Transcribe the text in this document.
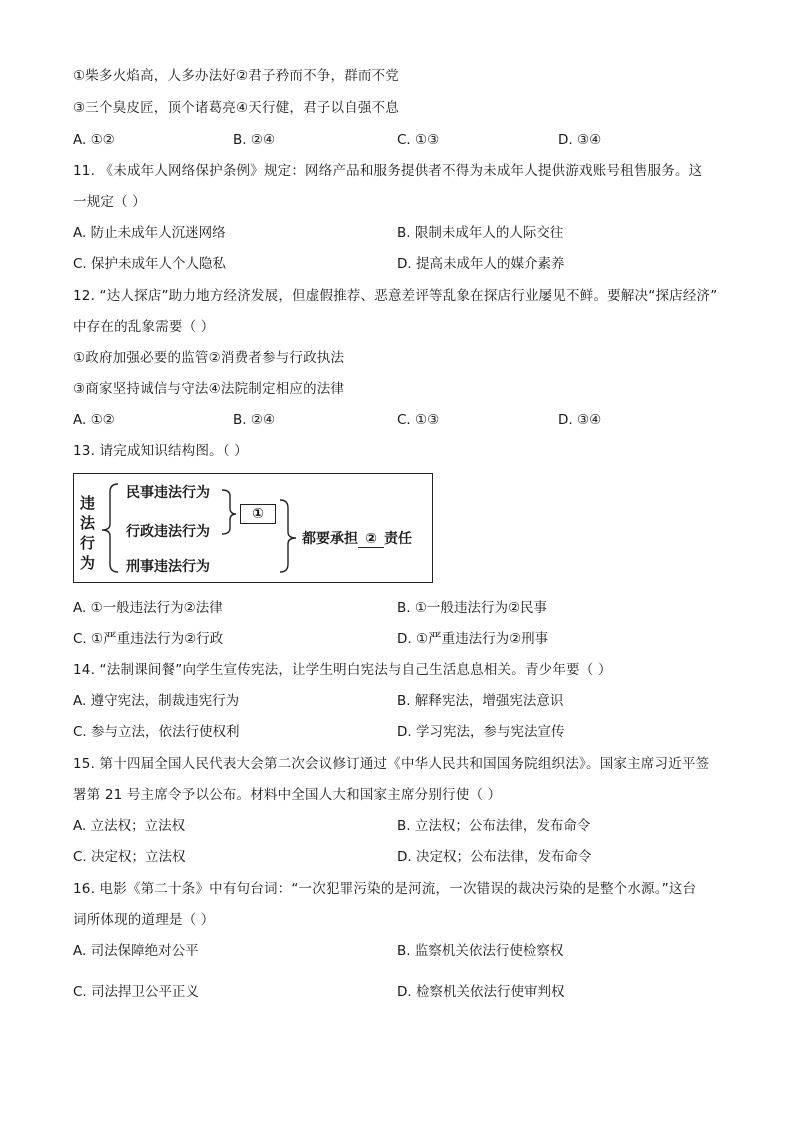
①柴多火焰高，人多办法好②君子矜而不争，群而不党
③三个臭皮匠，顶个诸葛亮④天行健，君子以自强不息
A. ①②	B. ②④	C. ①③	D. ③④
11. 《未成年人网络保护条例》规定：网络产品和服务提供者不得为未成年人提供游戏账号租售服务。这
一规定（ ）
A. 防止未成年人沉迷网络	B. 限制未成年人的人际交往
C. 保护未成年人个人隐私	D. 提高未成年人的媒介素养
12. “达人探店”助力地方经济发展，但虚假推荐、恶意差评等乱象在探店行业屡见不鲜。要解决“探店经济”
中存在的乱象需要（ ）
①政府加强必要的监管②消费者参与行政执法
③商家坚持诚信与守法④法院制定相应的法律
A. ①②	B. ②④	C. ①③	D. ③④
13. 请完成知识结构图。（ ）
违
法
行
为
民事违法行为
行政违法行为
刑事违法行为
①
都要承担 ② 责任
A. ①一般违法行为②法律	B. ①一般违法行为②民事
C. ①严重违法行为②行政	D. ①严重违法行为②刑事
14. “法制课间餐”向学生宣传宪法，让学生明白宪法与自己生活息息相关。青少年要（ ）
A. 遵守宪法，制裁违宪行为	B. 解释宪法，增强宪法意识
C. 参与立法，依法行使权利	D. 学习宪法，参与宪法宣传
15. 第十四届全国人民代表大会第二次会议修订通过《中华人民共和国国务院组织法》。国家主席习近平签
署第 21 号主席令予以公布。材料中全国人大和国家主席分别行使（ ）
A. 立法权；立法权	B. 立法权；公布法律，发布命令
C. 决定权；立法权	D. 决定权；公布法律，发布命令
16. 电影《第二十条》中有句台词：“一次犯罪污染的是河流，一次错误的裁决污染的是整个水源。”这台
词所体现的道理是（ ）
A. 司法保障绝对公平	B. 监察机关依法行使检察权
C. 司法捍卫公平正义	D. 检察机关依法行使审判权
